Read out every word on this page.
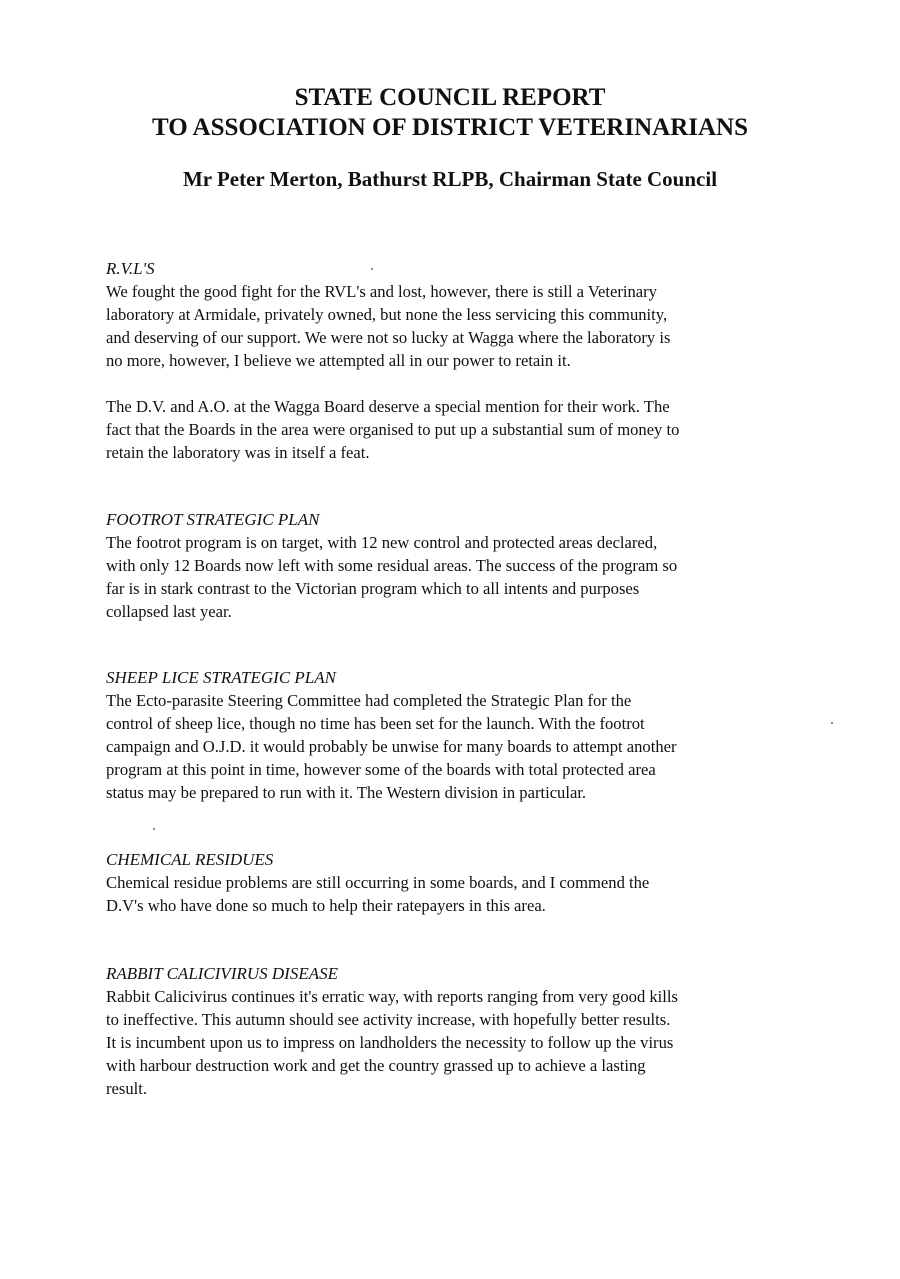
STATE COUNCIL REPORT
TO ASSOCIATION OF DISTRICT VETERINARIANS
Mr Peter Merton, Bathurst RLPB, Chairman State Council

R.V.L'S

We fought the good fight for the RVL's and lost, however, there is still a Veterinary
laboratory at Armidale, privately owned, but none the less servicing this community,
and deserving of our support. We were not so lucky at Wagga where the laboratory is
no more, however, I believe we attempted all in our power to retain it.

The D.V. and A.O. at the Wagga Board deserve a special mention for their work. The
fact that the Boards in the area were organised to put up a substantial sum of money to
retain the laboratory was in itself a feat.

FOOTROT STRATEGIC PLAN

The footrot program is on target, with 12 new control and protected areas declared,
with only 12 Boards now left with some residual areas. The success of the program so
far is in stark contrast to the Victorian program which to all intents and purposes
collapsed last year.

SHEEP LICE STRATEGIC PLAN

The Ecto-parasite Steering Committee had completed the Strategic Plan for the
control of sheep lice, though no time has been set for the launch. With the footrot
campaign and O.J.D. it would probably be unwise for many boards to attempt another
program at this point in time, however some of the boards with total protected area
status may be prepared to run with it. The Western division in particular.

CHEMICAL RESIDUES

Chemical residue problems are still occurring in some boards, and I commend the
D.V's who have done so much to help their ratepayers in this area.

RABBIT CALICIVIRUS DISEASE

Rabbit Calicivirus continues it's erratic way, with reports ranging from very good kills
to ineffective. This autumn should see activity increase, with hopefully better results.
It is incumbent upon us to impress on landholders the necessity to follow up the virus
with harbour destruction work and get the country grassed up to achieve a lasting
result.
